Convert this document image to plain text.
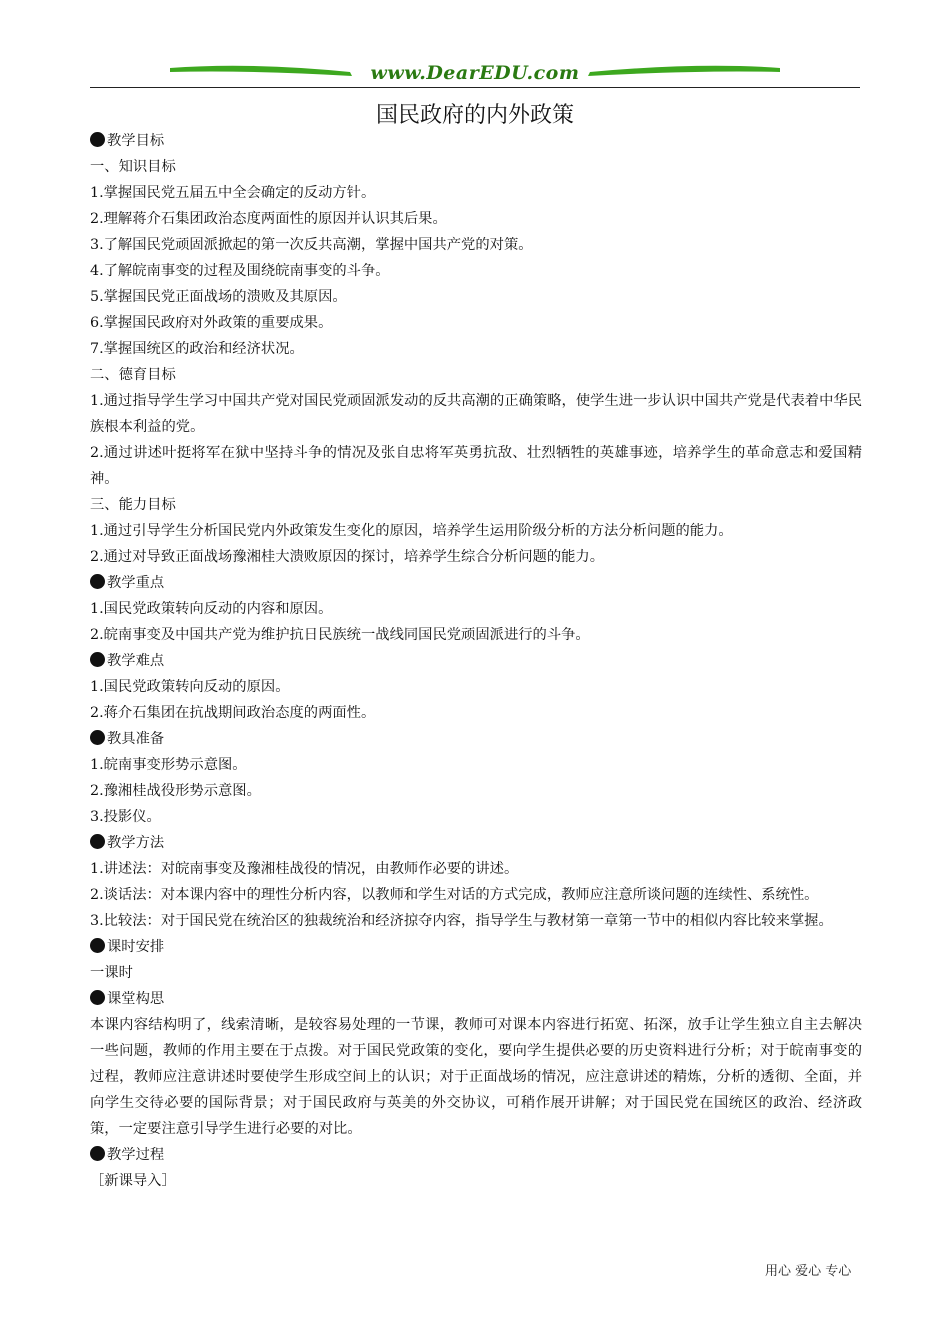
www.DearEDU.com
国民政府的内外政策
教学目标
一、知识目标
1.掌握国民党五届五中全会确定的反动方针。
2.理解蒋介石集团政治态度两面性的原因并认识其后果。
3.了解国民党顽固派掀起的第一次反共高潮，掌握中国共产党的对策。
4.了解皖南事变的过程及围绕皖南事变的斗争。
5.掌握国民党正面战场的溃败及其原因。
6.掌握国民政府对外政策的重要成果。
7.掌握国统区的政治和经济状况。
二、德育目标
1.通过指导学生学习中国共产党对国民党顽固派发动的反共高潮的正确策略，使学生进一步认识中国共产党是代表着中华民族根本利益的党。
2.通过讲述叶挺将军在狱中坚持斗争的情况及张自忠将军英勇抗敌、壮烈牺牲的英雄事迹，培养学生的革命意志和爱国精神。
三、能力目标
1.通过引导学生分析国民党内外政策发生变化的原因，培养学生运用阶级分析的方法分析问题的能力。
2.通过对导致正面战场豫湘桂大溃败原因的探讨，培养学生综合分析问题的能力。
教学重点
1.国民党政策转向反动的内容和原因。
2.皖南事变及中国共产党为维护抗日民族统一战线同国民党顽固派进行的斗争。
教学难点
1.国民党政策转向反动的原因。
2.蒋介石集团在抗战期间政治态度的两面性。
教具准备
1.皖南事变形势示意图。
2.豫湘桂战役形势示意图。
3.投影仪。
教学方法
1.讲述法：对皖南事变及豫湘桂战役的情况，由教师作必要的讲述。
2.谈话法：对本课内容中的理性分析内容，以教师和学生对话的方式完成，教师应注意所谈问题的连续性、系统性。
3.比较法：对于国民党在统治区的独裁统治和经济掠夺内容，指导学生与教材第一章第一节中的相似内容比较来掌握。
课时安排
一课时
课堂构思
本课内容结构明了，线索清晰，是较容易处理的一节课，教师可对课本内容进行拓宽、拓深，放手让学生独立自主去解决一些问题，教师的作用主要在于点拨。对于国民党政策的变化，要向学生提供必要的历史资料进行分析；对于皖南事变的过程，教师应注意讲述时要使学生形成空间上的认识；对于正面战场的情况，应注意讲述的精炼，分析的透彻、全面，并向学生交待必要的国际背景；对于国民政府与英美的外交协议，可稍作展开讲解；对于国民党在国统区的政治、经济政策，一定要注意引导学生进行必要的对比。
教学过程
［新课导入］
用心 爱心 专心
